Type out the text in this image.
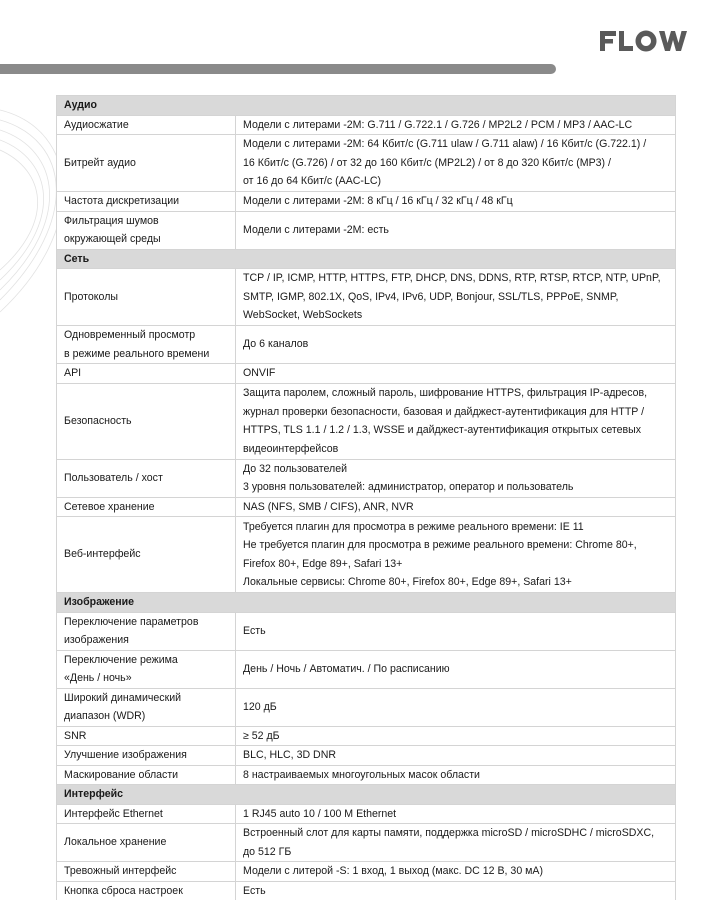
Аудио	
Аудиосжатие	Модели с литерами -2M: G.711 / G.722.1 / G.726 / MP2L2 / PCM / MP3 / AAC-LC
Битрейт аудио	Модели с литерами -2M: 64 Кбит/с (G.711 ulaw / G.711 alaw) / 16 Кбит/с (G.722.1) /
16 Кбит/с (G.726) / от 32 до 160 Кбит/с (MP2L2) / от 8 до 320 Кбит/с (MP3) /
от 16 до 64 Кбит/с (AAC-LC)
Частота дискретизации	Модели с литерами -2M: 8 кГц / 16 кГц / 32 кГц / 48 кГц
Фильтрация шумов
окружающей среды	Модели с литерами -2M: есть
Сеть	
Протоколы	TCP / IP, ICMP, HTTP, HTTPS, FTP, DHCP, DNS, DDNS, RTP, RTSP, RTCP, NTP, UPnP,
SMTP, IGMP, 802.1X, QoS, IPv4, IPv6, UDP, Bonjour, SSL/TLS, PPPoE, SNMP,
WebSocket, WebSockets
Одновременный просмотр
в режиме реального времени	До 6 каналов
API	ONVIF
Безопасность	Защита паролем, сложный пароль, шифрование HTTPS, фильтрация IP-адресов,
журнал проверки безопасности, базовая и дайджест-аутентификация для HTTP /
HTTPS, TLS 1.1 / 1.2 / 1.3, WSSE и дайджест-аутентификация открытых сетевых
видеоинтерфейсов
Пользователь / хост	До 32 пользователей
3 уровня пользователей: администратор, оператор и пользователь
Сетевое хранение	NAS (NFS, SMB / CIFS), ANR, NVR
Веб-интерфейс	Требуется плагин для просмотра в режиме реального времени: IE 11
Не требуется плагин для просмотра в режиме реального времени: Chrome 80+,
Firefox 80+, Edge 89+, Safari 13+
Локальные сервисы: Chrome 80+, Firefox 80+, Edge 89+, Safari 13+
Изображение	
Переключение параметров
изображения	Есть
Переключение режима
«День / ночь»	День / Ночь / Автоматич. / По расписанию
Широкий динамический
диапазон (WDR)	120 дБ
SNR	≥ 52 дБ
Улучшение изображения	BLC, HLC, 3D DNR
Маскирование области	8 настраиваемых многоугольных масок области
Интерфейс	
Интерфейс Ethernet	1 RJ45 auto 10 / 100 M Ethernet
Локальное хранение	Встроенный слот для карты памяти, поддержка microSD / microSDHC / microSDXC,
до 512 ГБ
Тревожный интерфейс	Модели с литерой -S: 1 вход, 1 выход (макс. DC 12 В, 30 мА)
Кнопка сброса настроек	Есть
